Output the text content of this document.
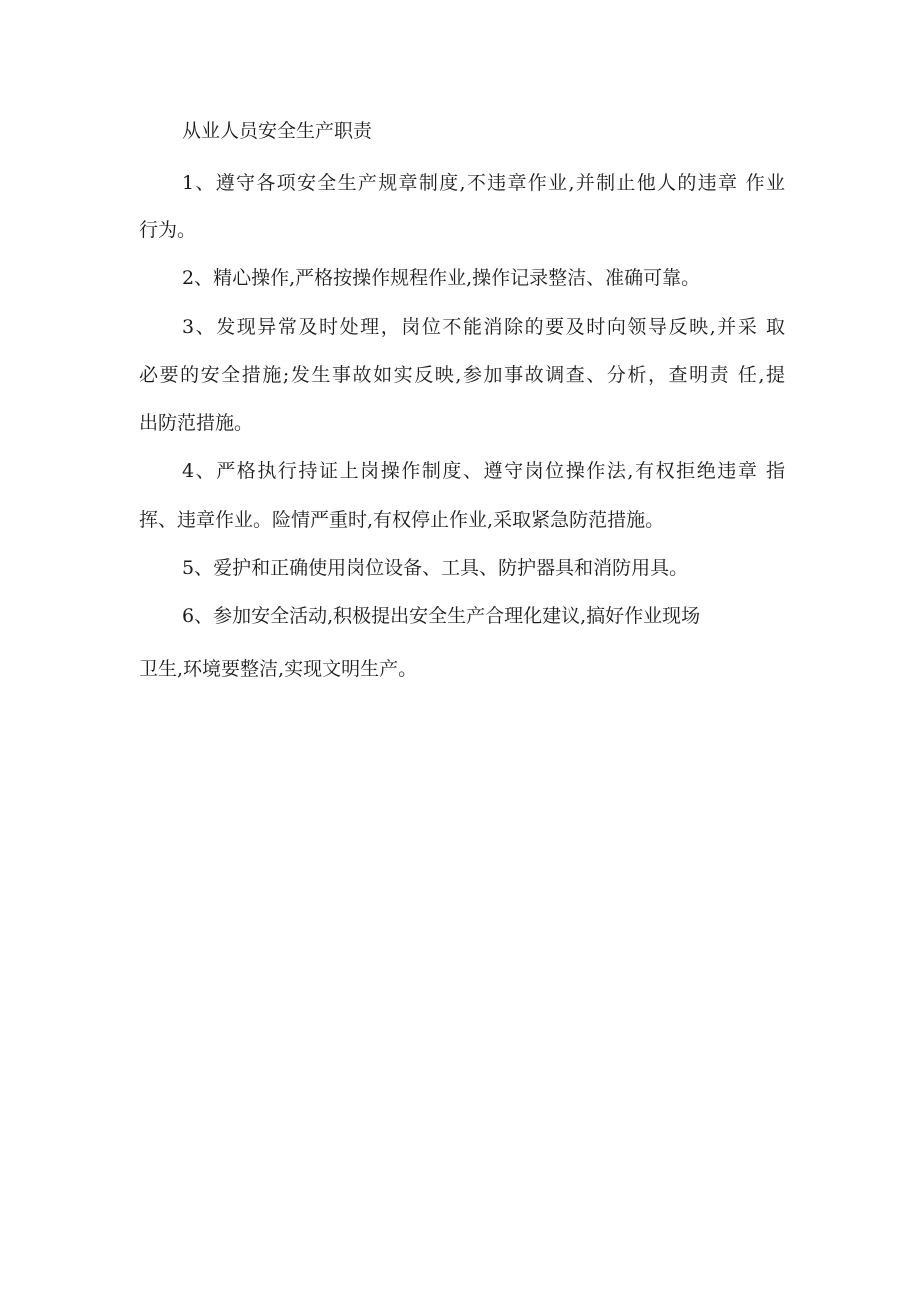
从业人员安全生产职责
1、遵守各项安全生产规章制度,不违章作业,并制止他人的违章 作业
行为。
2、精心操作,严格按操作规程作业,操作记录整洁、准确可靠。
3、发现异常及时处理，岗位不能消除的要及时向领导反映,并采 取
必要的安全措施;发生事故如实反映,参加事故调查、分析，查明责 任,提
出防范措施。
4、严格执行持证上岗操作制度、遵守岗位操作法,有权拒绝违章 指
挥、违章作业。险情严重时,有权停止作业,采取紧急防范措施。
5、爱护和正确使用岗位设备、工具、防护器具和消防用具。
6、参加安全活动,积极提出安全生产合理化建议,搞好作业现场
卫生,环境要整洁,实现文明生产。
